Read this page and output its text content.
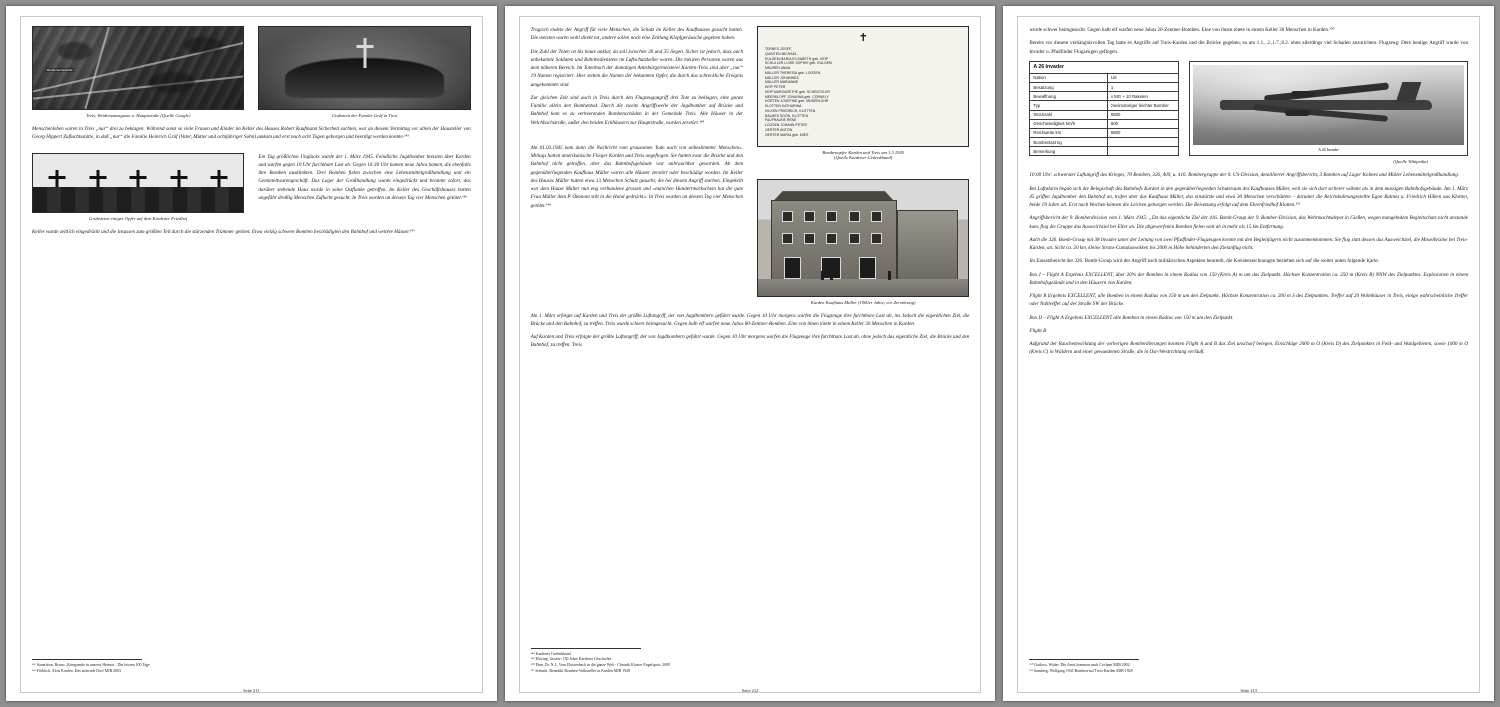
Weidemannsstraße

Treis, Weidemannsgasse u. Hauptstraße (Quelle Google)	Grabstein der Familie Gräf in Treis

Menschenleben waren in Treis „nur“ drei zu beklagen. Während sonst so viele Frauen und Kinder im Keller des Hauses Robert Kaufmann Sicherheit suchten, war an diesem Vormittag vor allem der Hausteller von Georg Hippert Zufluchtsstätte, in daß „nur“ die Familie Heinrich Gräf (Vater, Mutter und achtjähriger Sohn) umkam und erst nach acht Tagen geborgen und beerdigt werden konnte.¹⁴⁵

Grabsteine einiger Opfer auf dem Kardener Friedhof

Ein Tag größlichen Unglücks wurde der 1. März 1945. Feindliche Jagdbomber kreisten über Karden und warfen gegen 10 Uhr furchtbare Last ab. Gegen 10:30 Uhr kamen neue Jabos kamen, die ebenfalls ihre Bomben ausklinkten. Drei Bomben fielen zwischen eine Lebensmittelgroßhandlung und ein Gemieteltwarengeschäft. Das Lager der Großhandlung wurde eingedrückt und brannte sofort, das darüber stehende Haus wurde in seine Ostflanke getroffen. Im Keller des Geschäftshauses hatten ungefähr dreißig Menschen Zuflucht gesucht. In Treis wurden an diesem Tag vier Menschen getötet.¹⁴⁶

Keller wurde zeitlich eingedrückt und die Insassen zum größten Teil durch die stürzenden Trümmer getötet. Etwa vielzig schwere Bomben beschädigten den Bahnhof und weitere Häuser.¹⁴⁷

¹⁴⁵ Sauerborn, Bruno „Kriegsende in unserer Heimat – Die letzten 100 Tage

¹⁴⁶ Fröhlich, Alois Karden: Das zitternde Dorf MJB 2003

Seite 211

Tragisch endete der Angriff für viele Menschen, die Schutz im Keller des Kaufhauses gesucht hatten. Die meisten waren wohl direkt tot, andere sollen noch eine Zeitlang Klopfgeräusche gegeben haben.

Die Zahl der Toten ist bis heute unklar, da soll zwischen 30 und 35 liegen. Sicher ist jedoch, dass auch unbekannte Soldaten und Bahnbedienstete im Luftschutzkeller waren. Die meisten Personen waren aus dem näheren Bereich. Im Totenbuch der damaligen Amtsbürgermeisterei Karden-Treis sind aber „nur“ 19 Namen registriert. Hier stehen die Namen der bekannten Opfer, die durch das schreckliche Ereignis umgekommen sind.

Zur gleichen Zeit sind auch in Treis durch den Flugzeugangriff drei Tote zu beklagen, eine ganze Familie allein den Bombentod. Durch die zweite Angriffswelle der Jagdbomber auf Brücke und Bahnhof kam es zu verheerenden Bombenschäden in der Gemeinde Treis. Alle Häuser in der Welchbachstraße, außer den beiden Eckhäusern zur Hauptstraße, wurden zerstört.¹⁴⁸

Am 01.03.1945 kam dann die Nachricht vom grausamen Tode auch von unbestimmter Menschen». Mittags hatten amerikanische Flieger Karden und Treis angeflogen. Sie hatten zwar die Brücke und den Bahnhof nicht getroffen, aber das Bahnhofsgebäude war unbrauchbar geworden. Ab dem gegenüberliegenden Kaufhaus Müller waren alle Häuser zerstört oder beschädigt worden. Im Keller des Hauses Müller hatten etwa 13 Menschen Schutz gesucht, die bei diesem Angriff starben. Eingekeilt war dem Hause Müller nun eng verbundene grossen und »manchen Hundertmarkschein hat die gute Frau Müller dem P. Ökonom still in die Hand gedrückt«. In Treis wurden an diesem Tag vier Menschen getötet.¹⁴⁹

✝
TERNES JOSEF,
QUINTEN MICHAEL,
EULGEM MARIA ELISABETH geb. KEIP
SCHULLER LUISE SOPHIE geb. EULGEM
MEURER ANNA
MÜLLER THERESIA geb. LOOSEN
MÜLLER JOHANNES
MÜLLER MARIANNE
KEIP PETER
KEIP MARGARETHE geb. SCHENTZLER
MEERKLOPF JOHANNA geb. CORNELY
HORTEN JOSEFINE geb. MÜDERLOHR
KLOTTEN KATHARINA
HILKEN FRIEDRICH, KLOTTEN
BALMES SOON, KLOTTEN
FAUFRAUNE RENÉ
LOOSEN JOHANN PETER
OERTER ANTON
OERTER MARIA geb. MIES

Bombenopfer Karden und Treis am 1.3.1945
(Quelle Kardener Gedenkband)

Karden Kaufhaus Müller (1960er Jahre, vor Zerstörung)

Am 1. März erfolgte auf Karden und Treis der größte Luftangriff, der von Jagdbombern geführt wurde. Gegen 10 Uhr morgens warfen die Flugzeuge ihre furchtbare Last ab, ins Jedoch die eigentlichen Ziel, die Brücke und den Bahnhof, zu treffen. Treis wurde schwer heimgesucht. Gegen halb elf warfen neue Jabos 80-Zentner-Bomben. Eine von ihnen tötete in einem Keller 30 Menschen in Karden.

Auf Karden und Treis erfolgte der größte Luftangriff, der von Jagdbombern geführt wurde. Gegen 10 Uhr morgens warfen die Flugzeuge ihre furchtbare Last ab, ohne jedoch das eigentliche Ziel, die Brücke und den Bahnhof, zu treffen. Treis

¹⁴⁸ Kardener Gedenkband

¹⁴⁹ Klöring, Gustav: 150 Jahre Kardener Geschichte

¹⁵⁰ Pinn, Dr. N.J., Vom Flusseebach in die ganze Welt - Chronik Kloster Engelsport, 2009

¹⁵¹ Schmitt, Benedikt Bomben-Volkszeller in Karden MJB 1928

Seite 212

wurde schwer heimgesucht. Gegen halb elf warfen neue Jabos 20-Zentner-Bomben. Eine von ihnen tötete in einem Keller 30 Menschen in Karden.¹⁵⁰

Bereits vor diesem verhängnisvollen Tag hatte es Angriffe auf Treis-Karden und die Brücke gegeben, so am 1.1., 2.,1.7.,8.2. ohne allerdings viel Schaden anzurichten. Flugzeug: Dere heutige Angriff wurde von Invader u. Pfadfinder Flugzeugen geflogen.

A 26 Invader	
Nation	US
Besatzung	1
Bewaffnung	x MG + 10 Raketen
Typ	zweimotoriger leichter Bomber
Stückzahl	5500
Geschwindigkeit km/h	600
Reichweite km	5800
Bombenlast kg	
Bemerkung		A 26 Invader

(Quelle Wikipedia)

10:00 Uhr: schwerster Luftangriff des Krieges, 70 Bomben, 326, 409, u. 416. Bombergruppe der 9. US-Division, detaillierter Angriffsbericht, 3 Bomben auf Lager Kolmes und Müller Lebensmittelgroßhandlung.

Bei Luftalarm begab sich die Belegschaft des Bahnhofs Karden in den gegenüberliegenden Schutzraum des Kaufhauses Müller, weil sie sich dort sicherer wähnte als in dem massigen Bahnhofsgebäude. Am 1. März 45 griffen Jagdbomber den Bahnhof an, trafen aber das Kaufhaus Müller, das einstürzte und etwa 30 Menschen verschüttete – darunter die Reichsbahnangestellte Egon Balmes u. Friedrich Hilken aus Klotten, beide 19 Jahre alt. Erst nach Wochen können die Leichen geborgen werden. Die Beisetzung erfolgt auf dem Ehrenfriedhof Klotten.¹⁵¹

Angriffsbericht der 9. Bomberdivision vom 1. März 1945: „Da das eigentliche Ziel der 416. Bomb-Group der 9. Bomber-Division, das Wehrmachtsdepot in Gießen, wegen mangelndem Begleitschutz nicht anstande kam, flog die Gruppe das Ausweichziel bei Eller an. Die abgeworfenen Bomben fielen weit ab in mehr als 15 km Entfernung.

Auch die 326. Bomb-Group mit 38 Invader unter der Leitung von zwei Pfadfinder-Flugzeugen konnte mit den Begleitjägern nicht zusammenkommen. Sie flog statt dessen das Ausweichziel, die Moselbrücke bei Treis-Karden, an. Sicht ca. 20 km, kleine Strato-Cumuluswolken bis 2000 m Höhe behinderten den Zielanflug nicht.

Im Einsatzbericht der 326. Bomb-Group wird der Angriff nach militärischen Aspekten beurteilt, die Kreisbezeichnungen beziehen sich auf die weiter unten folgende Karte:

Box I – Flight A Ergebnis EXCELLENT, über 20% der Bomben in einem Radius von 150 (Kreis A) m um das Zielpunkt. Höchste Konzentration ca. 250 m (Kreis B) NNW des Zielpunktes. Explosionen in einem Bahnhofsgelände und in den Häusern von Karden.

Flight B Ergebnis EXCELLENT, alle Bomben in einem Radius von 150 m um den Zielpunkt. Höchste Konzentration ca. 200 m S des Zielpunktes. Treffer auf 20 Wohnhäuser in Treis, einige wahrscheinliche Treffer oder Nahtreffer auf der Straße SW der Brücke.

Box II – Flight A Ergebnis EXCELLENT alle Bomben in einem Radius von 150 m um den Zielpunkt.

Flight B

Aufgrund der Rauchentwicklung der vorherigen Bomberdierungen konnten Flight A und B das Ziel unscharf belegen. Einschläge 2000 m O (Kreis D) des Zielpunktes in Feld- und Waldgebieten, sowie 1000 m O (Kreis C) in Wäldern und einer gewundenen Straße, die in Ost-/Westrichtung verläuft.

¹⁵⁰ Gutkow, Walter, Die Amis kommen nach Cochem MJB 2002

¹⁵¹ Samberg, Wolfgang 1945 Bomben auf Treis-Karden MJB 1928

Seite 213
